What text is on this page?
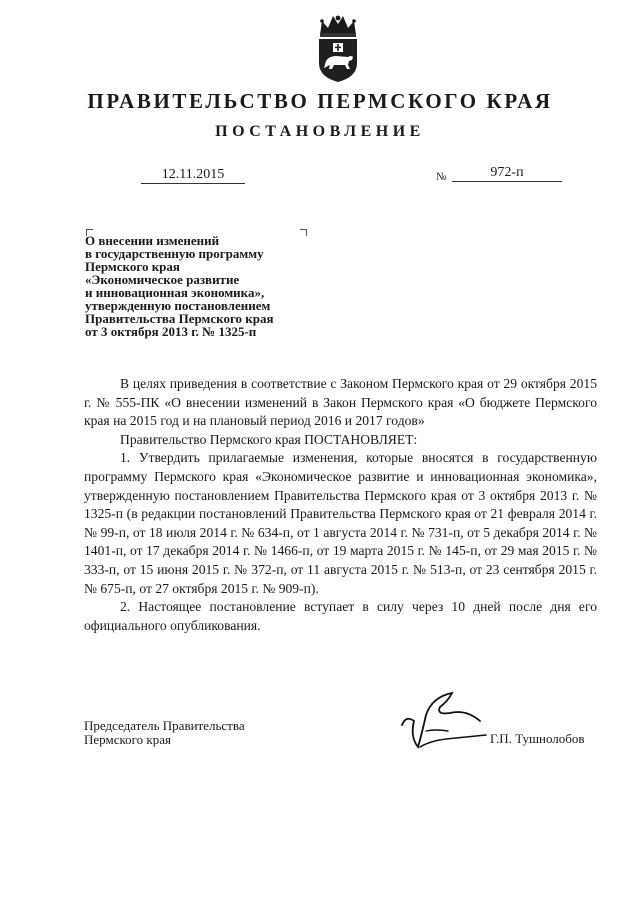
ПРАВИТЕЛЬСТВО ПЕРМСКОГО КРАЯ
ПОСТАНОВЛЕНИЕ
12.11.2015	№	972-п
О внесении изменений
в государственную программу
Пермского края
«Экономическое развитие
и инновационная экономика»,
утвержденную постановлением
Правительства Пермского края
от 3 октября 2013 г. № 1325-п

В целях приведения в соответствие с Законом Пермского края от 29 октября 2015 г. № 555-ПК «О внесении изменений в Закон Пермского края «О бюджете Пермского края на 2015 год и на плановый период 2016 и 2017 годов»

Правительство Пермского края ПОСТАНОВЛЯЕТ:

1. Утвердить прилагаемые изменения, которые вносятся в государственную программу Пермского края «Экономическое развитие и инновационная экономика», утвержденную постановлением Правительства Пермского края от 3 октября 2013 г. № 1325-п (в редакции постановлений Правительства Пермского края от 21 февраля 2014 г. № 99-п, от 18 июля 2014 г. № 634-п, от 1 августа 2014 г. № 731-п, от 5 декабря 2014 г. № 1401-п, от 17 декабря 2014 г. № 1466-п, от 19 марта 2015 г. № 145-п, от 29 мая 2015 г. № 333-п, от 15 июня 2015 г. № 372-п, от 11 августа 2015 г. № 513-п, от 23 сентября 2015 г. № 675-п, от 27 октября 2015 г. № 909-п).

2. Настоящее постановление вступает в силу через 10 дней после дня его официального опубликования.

Председатель Правительства
Пермского края	Г.П. Тушнолобов
